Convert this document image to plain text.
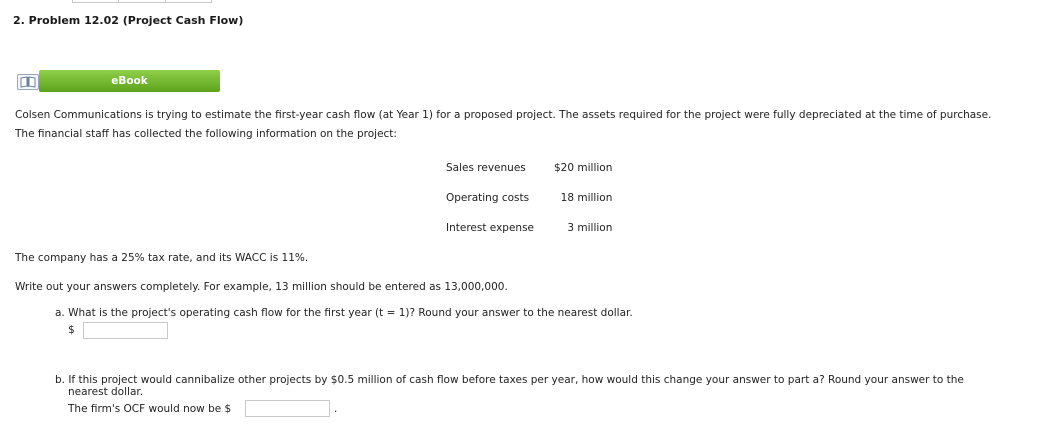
2. Problem 12.02 (Project Cash Flow)
eBook
Colsen Communications is trying to estimate the first-year cash flow (at Year 1) for a proposed project. The assets required for the project were fully depreciated at the time of purchase.
The financial staff has collected the following information on the project:
Sales revenues	$20 million
Operating costs	18 million
Interest expense	3 million
The company has a 25% tax rate, and its WACC is 11%.
Write out your answers completely. For example, 13 million should be entered as 13,000,000.
a. What is the project's operating cash flow for the first year (t = 1)? Round your answer to the nearest dollar.
$
b. If this project would cannibalize other projects by $0.5 million of cash flow before taxes per year, how would this change your answer to part a? Round your answer to the
nearest dollar.
The firm's OCF would now be $	.
